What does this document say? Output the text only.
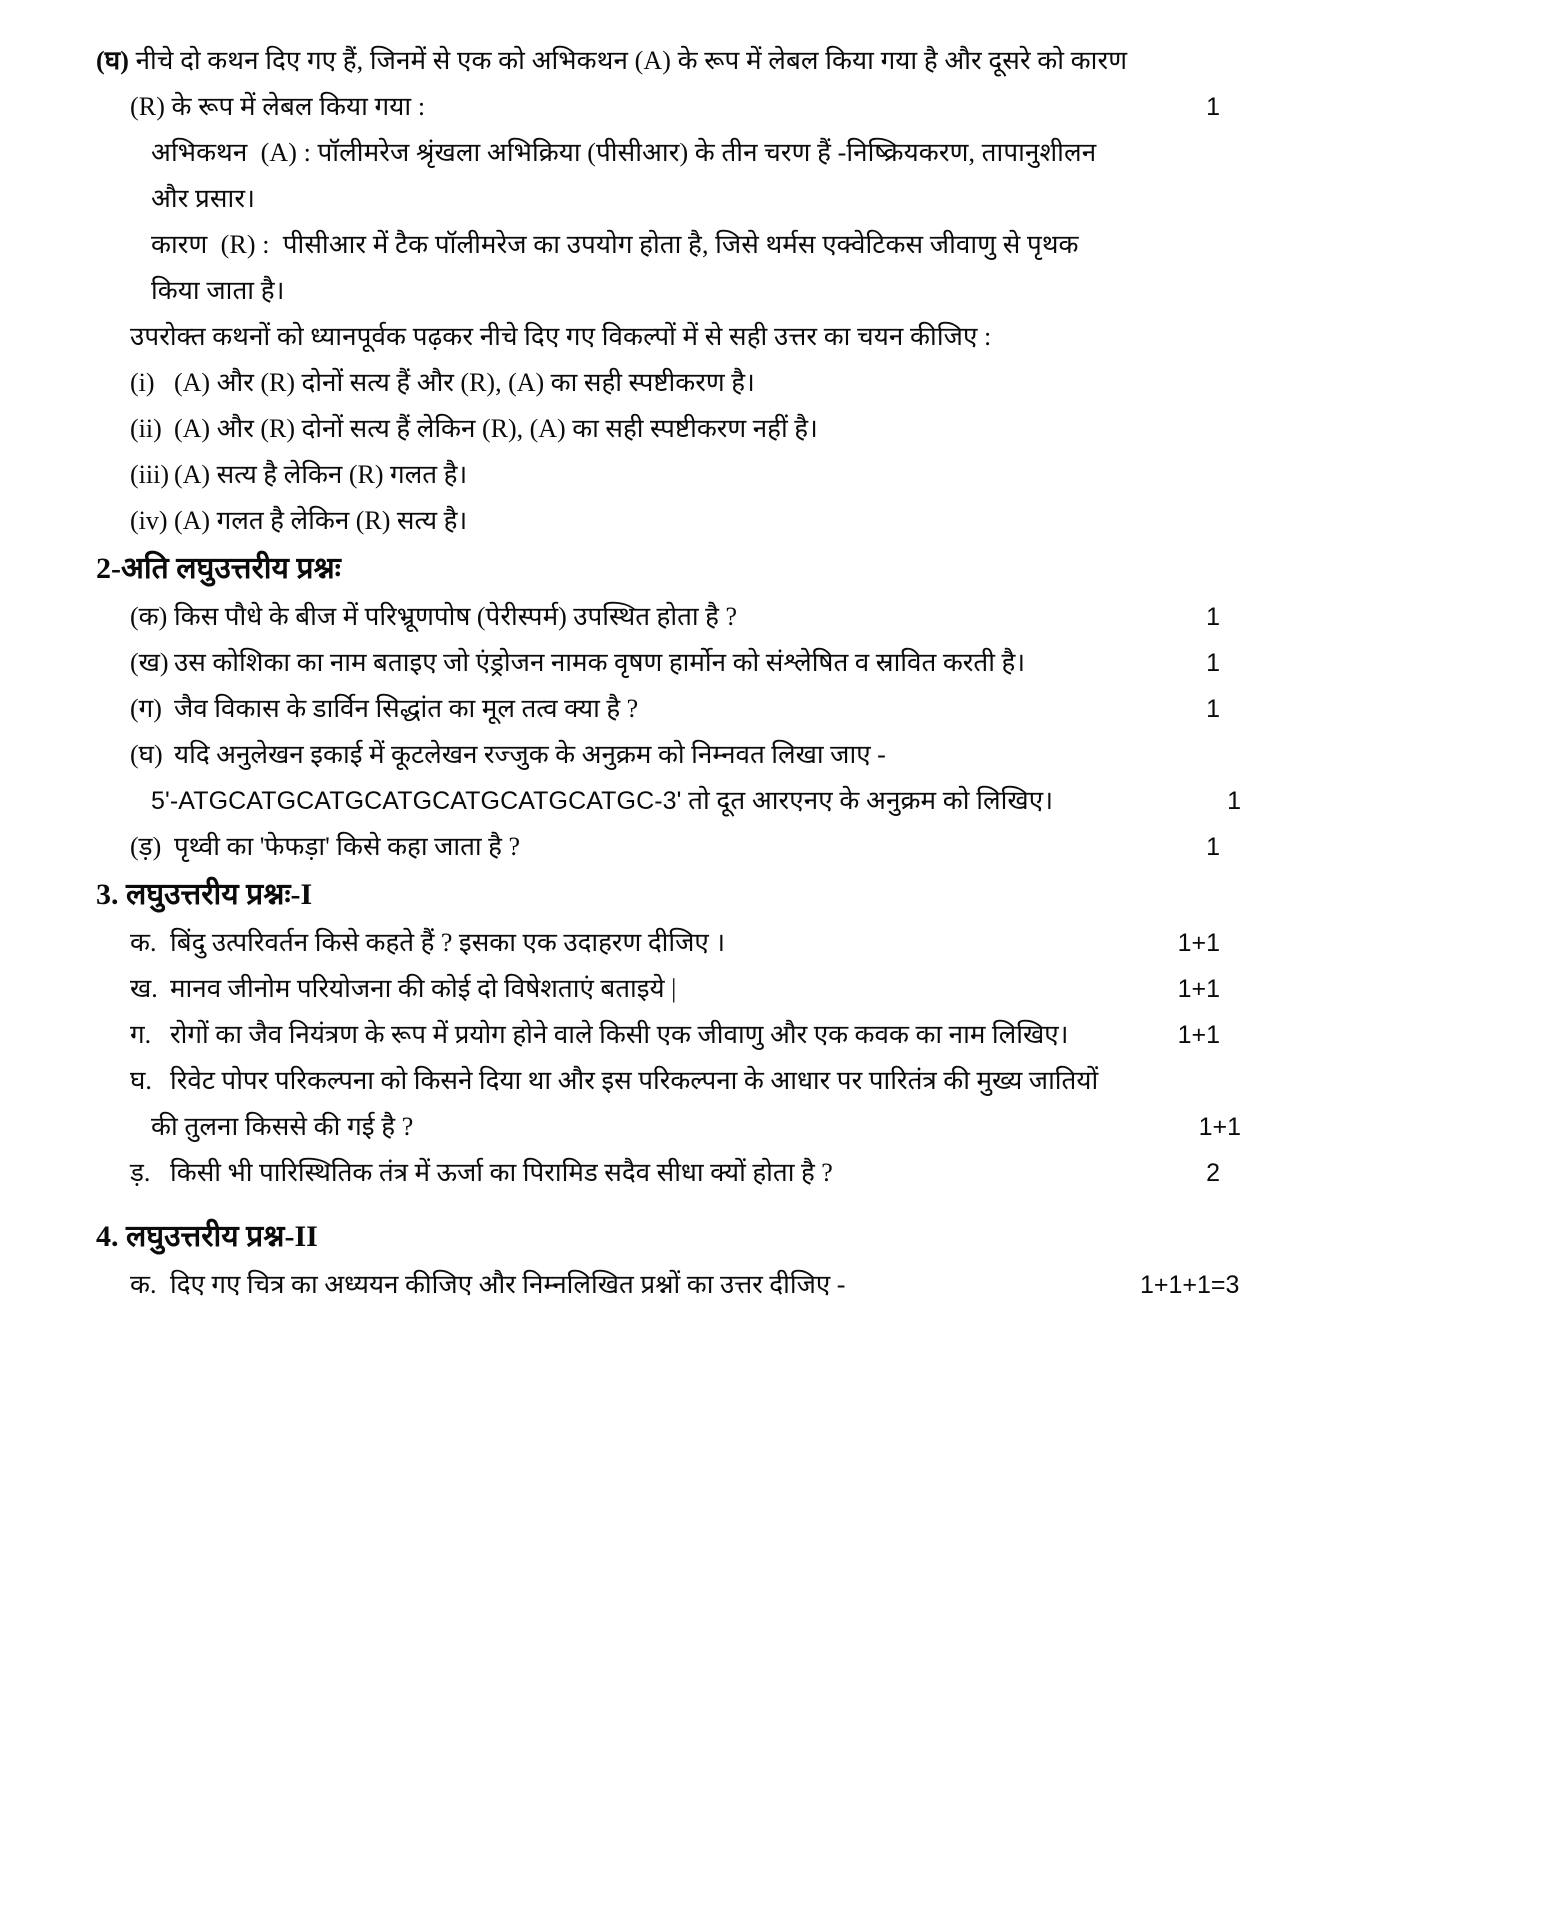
(घ) नीचे दो कथन दिए गए हैं, जिनमें से एक को अभिकथन (A) के रूप में लेबल किया गया है और दूसरे को कारण
(R) के रूप में लेबल किया गया :	1
अभिकथन  (A) : पॉलीमरेज श्रृंखला अभिक्रिया (पीसीआर) के तीन चरण हैं -निष्क्रियकरण, तापानुशीलन
और प्रसार।
कारण  (R) :  पीसीआर में टैक पॉलीमरेज का उपयोग होता है, जिसे थर्मस एक्वेटिकस जीवाणु से पृथक
किया जाता है।
उपरोक्त कथनों को ध्यानपूर्वक पढ़कर नीचे दिए गए विकल्पों में से सही उत्तर का चयन कीजिए :
(i) (A) और (R) दोनों सत्य हैं और (R), (A) का सही स्पष्टीकरण है।
(ii) (A) और (R) दोनों सत्य हैं लेकिन (R), (A) का सही स्पष्टीकरण नहीं है।
(iii) (A) सत्य है लेकिन (R) गलत है।
(iv) (A) गलत है लेकिन (R) सत्य है।
2-अति लघुउत्तरीय प्रश्नः
(क) किस पौधे के बीज में परिभ्रूणपोष (पेरीस्पर्म) उपस्थित होता है ?	1
(ख) उस कोशिका का नाम बताइए जो एंड्रोजन नामक वृषण हार्मोन को संश्लेषित व स्रावित करती है।	1
(ग) जैव विकास के डार्विन सिद्धांत का मूल तत्व क्या है ?	1
(घ) यदि अनुलेखन इकाई में कूटलेखन रज्जुक के अनुक्रम को निम्नवत लिखा जाए -
5'-ATGCATGCATGCATGCATGCATGCATGC-3' तो दूत आरएनए के अनुक्रम को लिखिए।	1
(ड़) पृथ्वी का 'फेफड़ा' किसे कहा जाता है ?	1
3. लघुउत्तरीय प्रश्नः-I
क. बिंदु उत्परिवर्तन किसे कहते हैं ? इसका एक उदाहरण दीजिए ।	1+1
ख. मानव जीनोम परियोजना की कोई दो विषेशताएं बताइये |	1+1
ग. रोगों का जैव नियंत्रण के रूप में प्रयोग होने वाले किसी एक जीवाणु और एक कवक का नाम लिखिए।	1+1
घ. रिवेट पोपर परिकल्पना को किसने दिया था और इस परिकल्पना के आधार पर पारितंत्र की मुख्य जातियों
की तुलना किससे की गई है ?	1+1
ड़. किसी भी पारिस्थितिक तंत्र में ऊर्जा का पिरामिड सदैव सीधा क्यों होता है ?	2
4. लघुउत्तरीय प्रश्न-II
क. दिए गए चित्र का अध्ययन कीजिए और निम्नलिखित प्रश्नों का उत्तर दीजिए -	1+1+1=3
